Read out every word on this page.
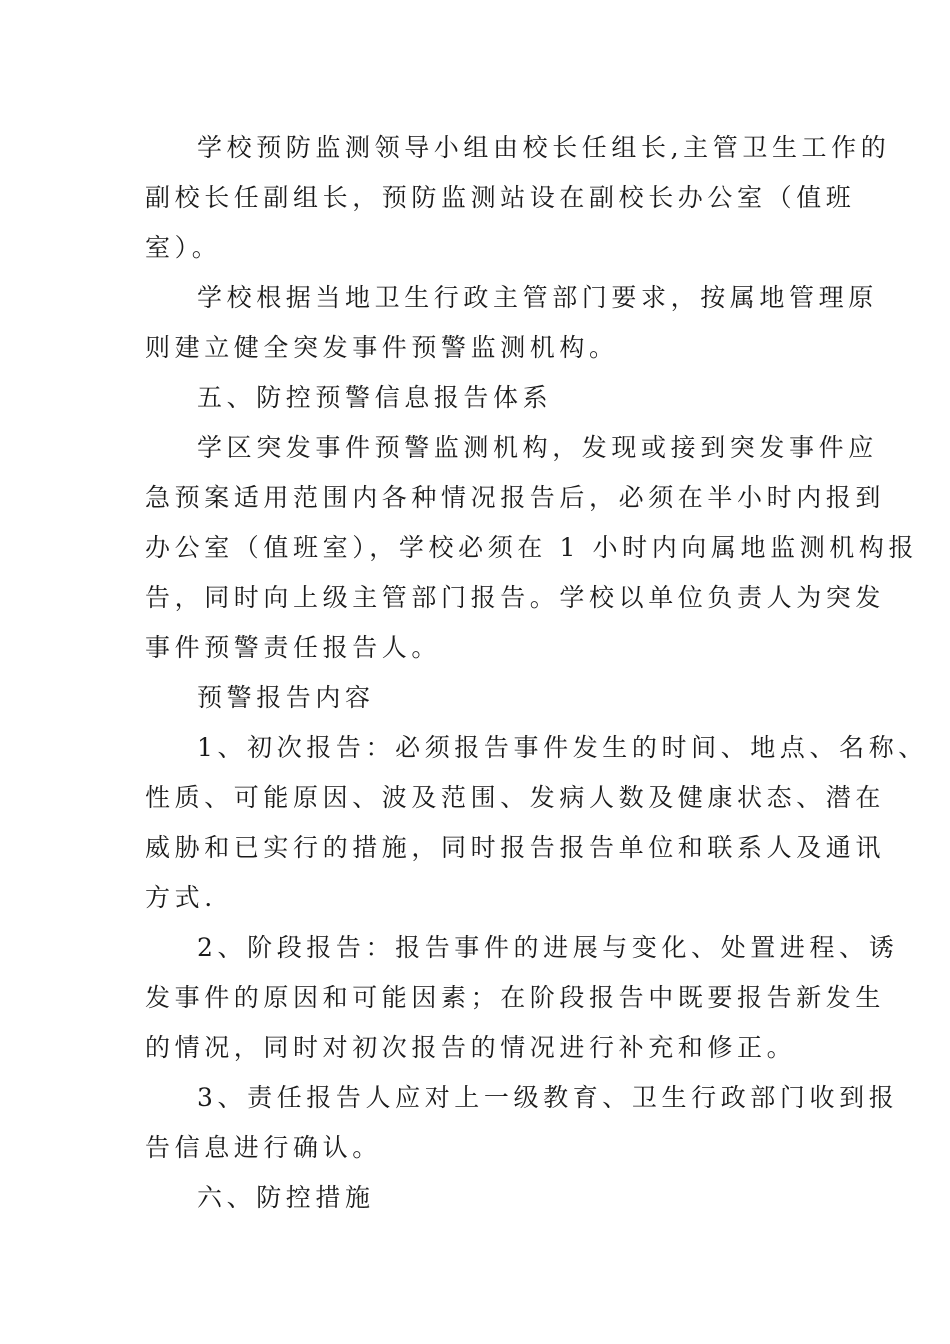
学校预防监测领导小组由校长任组长,主管卫生工作的
副校长任副组长，预防监测站设在副校长办公室（值班
室）。
学校根据当地卫生行政主管部门要求，按属地管理原
则建立健全突发事件预警监测机构。
五、防控预警信息报告体系
学区突发事件预警监测机构，发现或接到突发事件应
急预案适用范围内各种情况报告后，必须在半小时内报到
办公室（值班室），学校必须在 1 小时内向属地监测机构报
告，同时向上级主管部门报告。学校以单位负责人为突发
事件预警责任报告人。
预警报告内容
1、初次报告：必须报告事件发生的时间、地点、名称、
性质、可能原因、波及范围、发病人数及健康状态、潜在
威胁和已实行的措施，同时报告报告单位和联系人及通讯
方式.
2、阶段报告：报告事件的进展与变化、处置进程、诱
发事件的原因和可能因素；在阶段报告中既要报告新发生
的情况，同时对初次报告的情况进行补充和修正。
3、责任报告人应对上一级教育、卫生行政部门收到报
告信息进行确认。
六、防控措施
